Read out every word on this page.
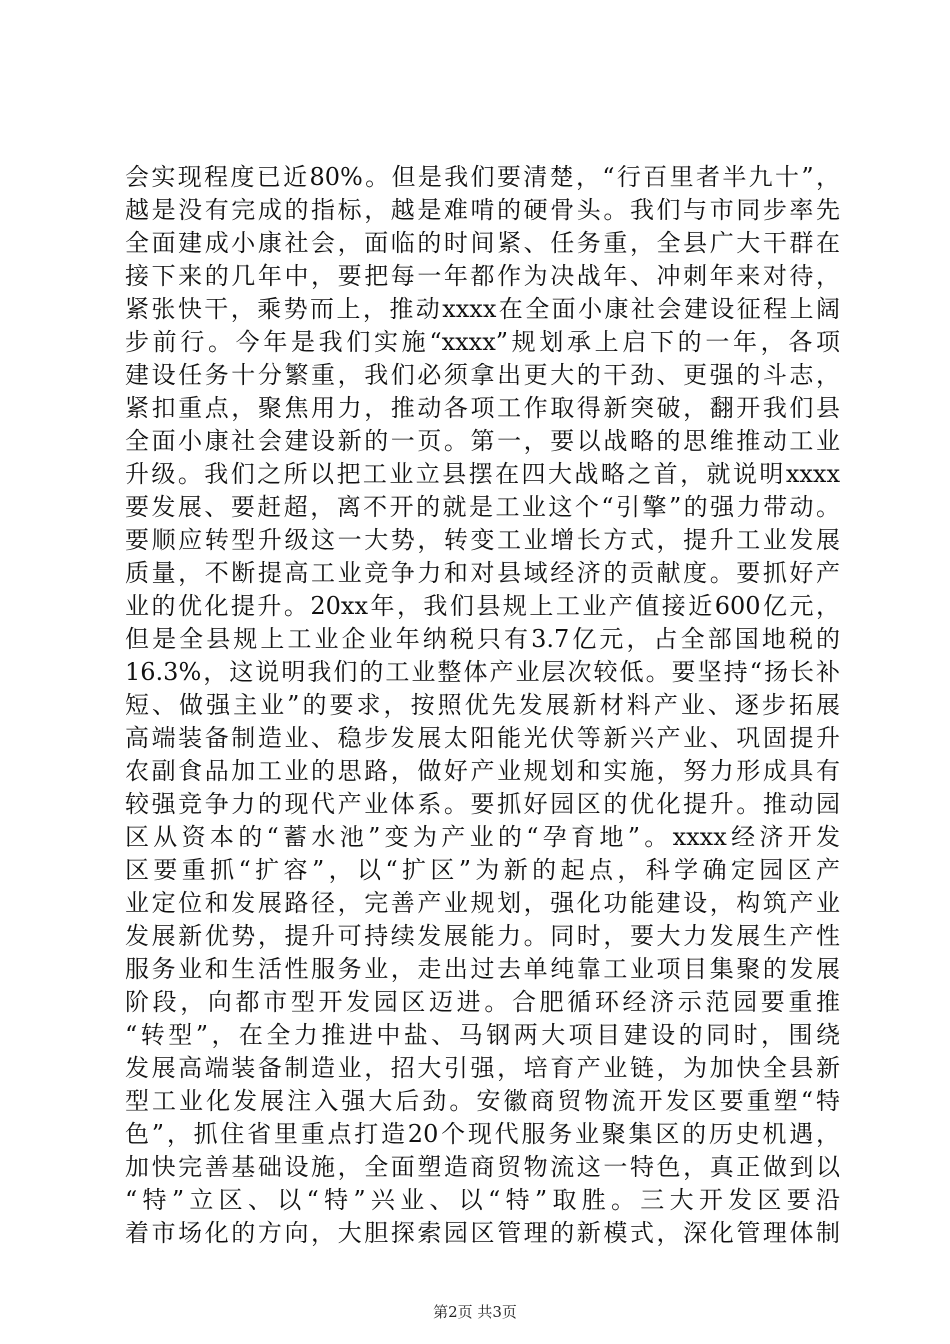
会实现程度已近80%。但是我们要清楚，“行百里者半九十”，
越是没有完成的指标，越是难啃的硬骨头。我们与市同步率先
全面建成小康社会，面临的时间紧、任务重，全县广大干群在
接下来的几年中，要把每一年都作为决战年、冲刺年来对待，
紧张快干，乘势而上，推动xxxx在全面小康社会建设征程上阔
步前行。今年是我们实施“xxxx”规划承上启下的一年，各项
建设任务十分繁重，我们必须拿出更大的干劲、更强的斗志，
紧扣重点，聚焦用力，推动各项工作取得新突破，翻开我们县
全面小康社会建设新的一页。第一，要以战略的思维推动工业
升级。我们之所以把工业立县摆在四大战略之首，就说明xxxx
要发展、要赶超，离不开的就是工业这个“引擎”的强力带动。
要顺应转型升级这一大势，转变工业增长方式，提升工业发展
质量，不断提高工业竞争力和对县域经济的贡献度。要抓好产
业的优化提升。20xx年，我们县规上工业产值接近600亿元，
但是全县规上工业企业年纳税只有3.7亿元，占全部国地税的
16.3%，这说明我们的工业整体产业层次较低。要坚持“扬长补
短、做强主业”的要求，按照优先发展新材料产业、逐步拓展
高端装备制造业、稳步发展太阳能光伏等新兴产业、巩固提升
农副食品加工业的思路，做好产业规划和实施，努力形成具有
较强竞争力的现代产业体系。要抓好园区的优化提升。推动园
区从资本的“蓄水池”变为产业的“孕育地”。xxxx经济开发
区要重抓“扩容”，以“扩区”为新的起点，科学确定园区产
业定位和发展路径，完善产业规划，强化功能建设，构筑产业
发展新优势，提升可持续发展能力。同时，要大力发展生产性
服务业和生活性服务业，走出过去单纯靠工业项目集聚的发展
阶段，向都市型开发园区迈进。合肥循环经济示范园要重推
“转型”，在全力推进中盐、马钢两大项目建设的同时，围绕
发展高端装备制造业，招大引强，培育产业链，为加快全县新
型工业化发展注入强大后劲。安徽商贸物流开发区要重塑“特
色”，抓住省里重点打造20个现代服务业聚集区的历史机遇，
加快完善基础设施，全面塑造商贸物流这一特色，真正做到以
“特”立区、以“特”兴业、以“特”取胜。三大开发区要沿
着市场化的方向，大胆探索园区管理的新模式，深化管理体制
第2页 共3页
